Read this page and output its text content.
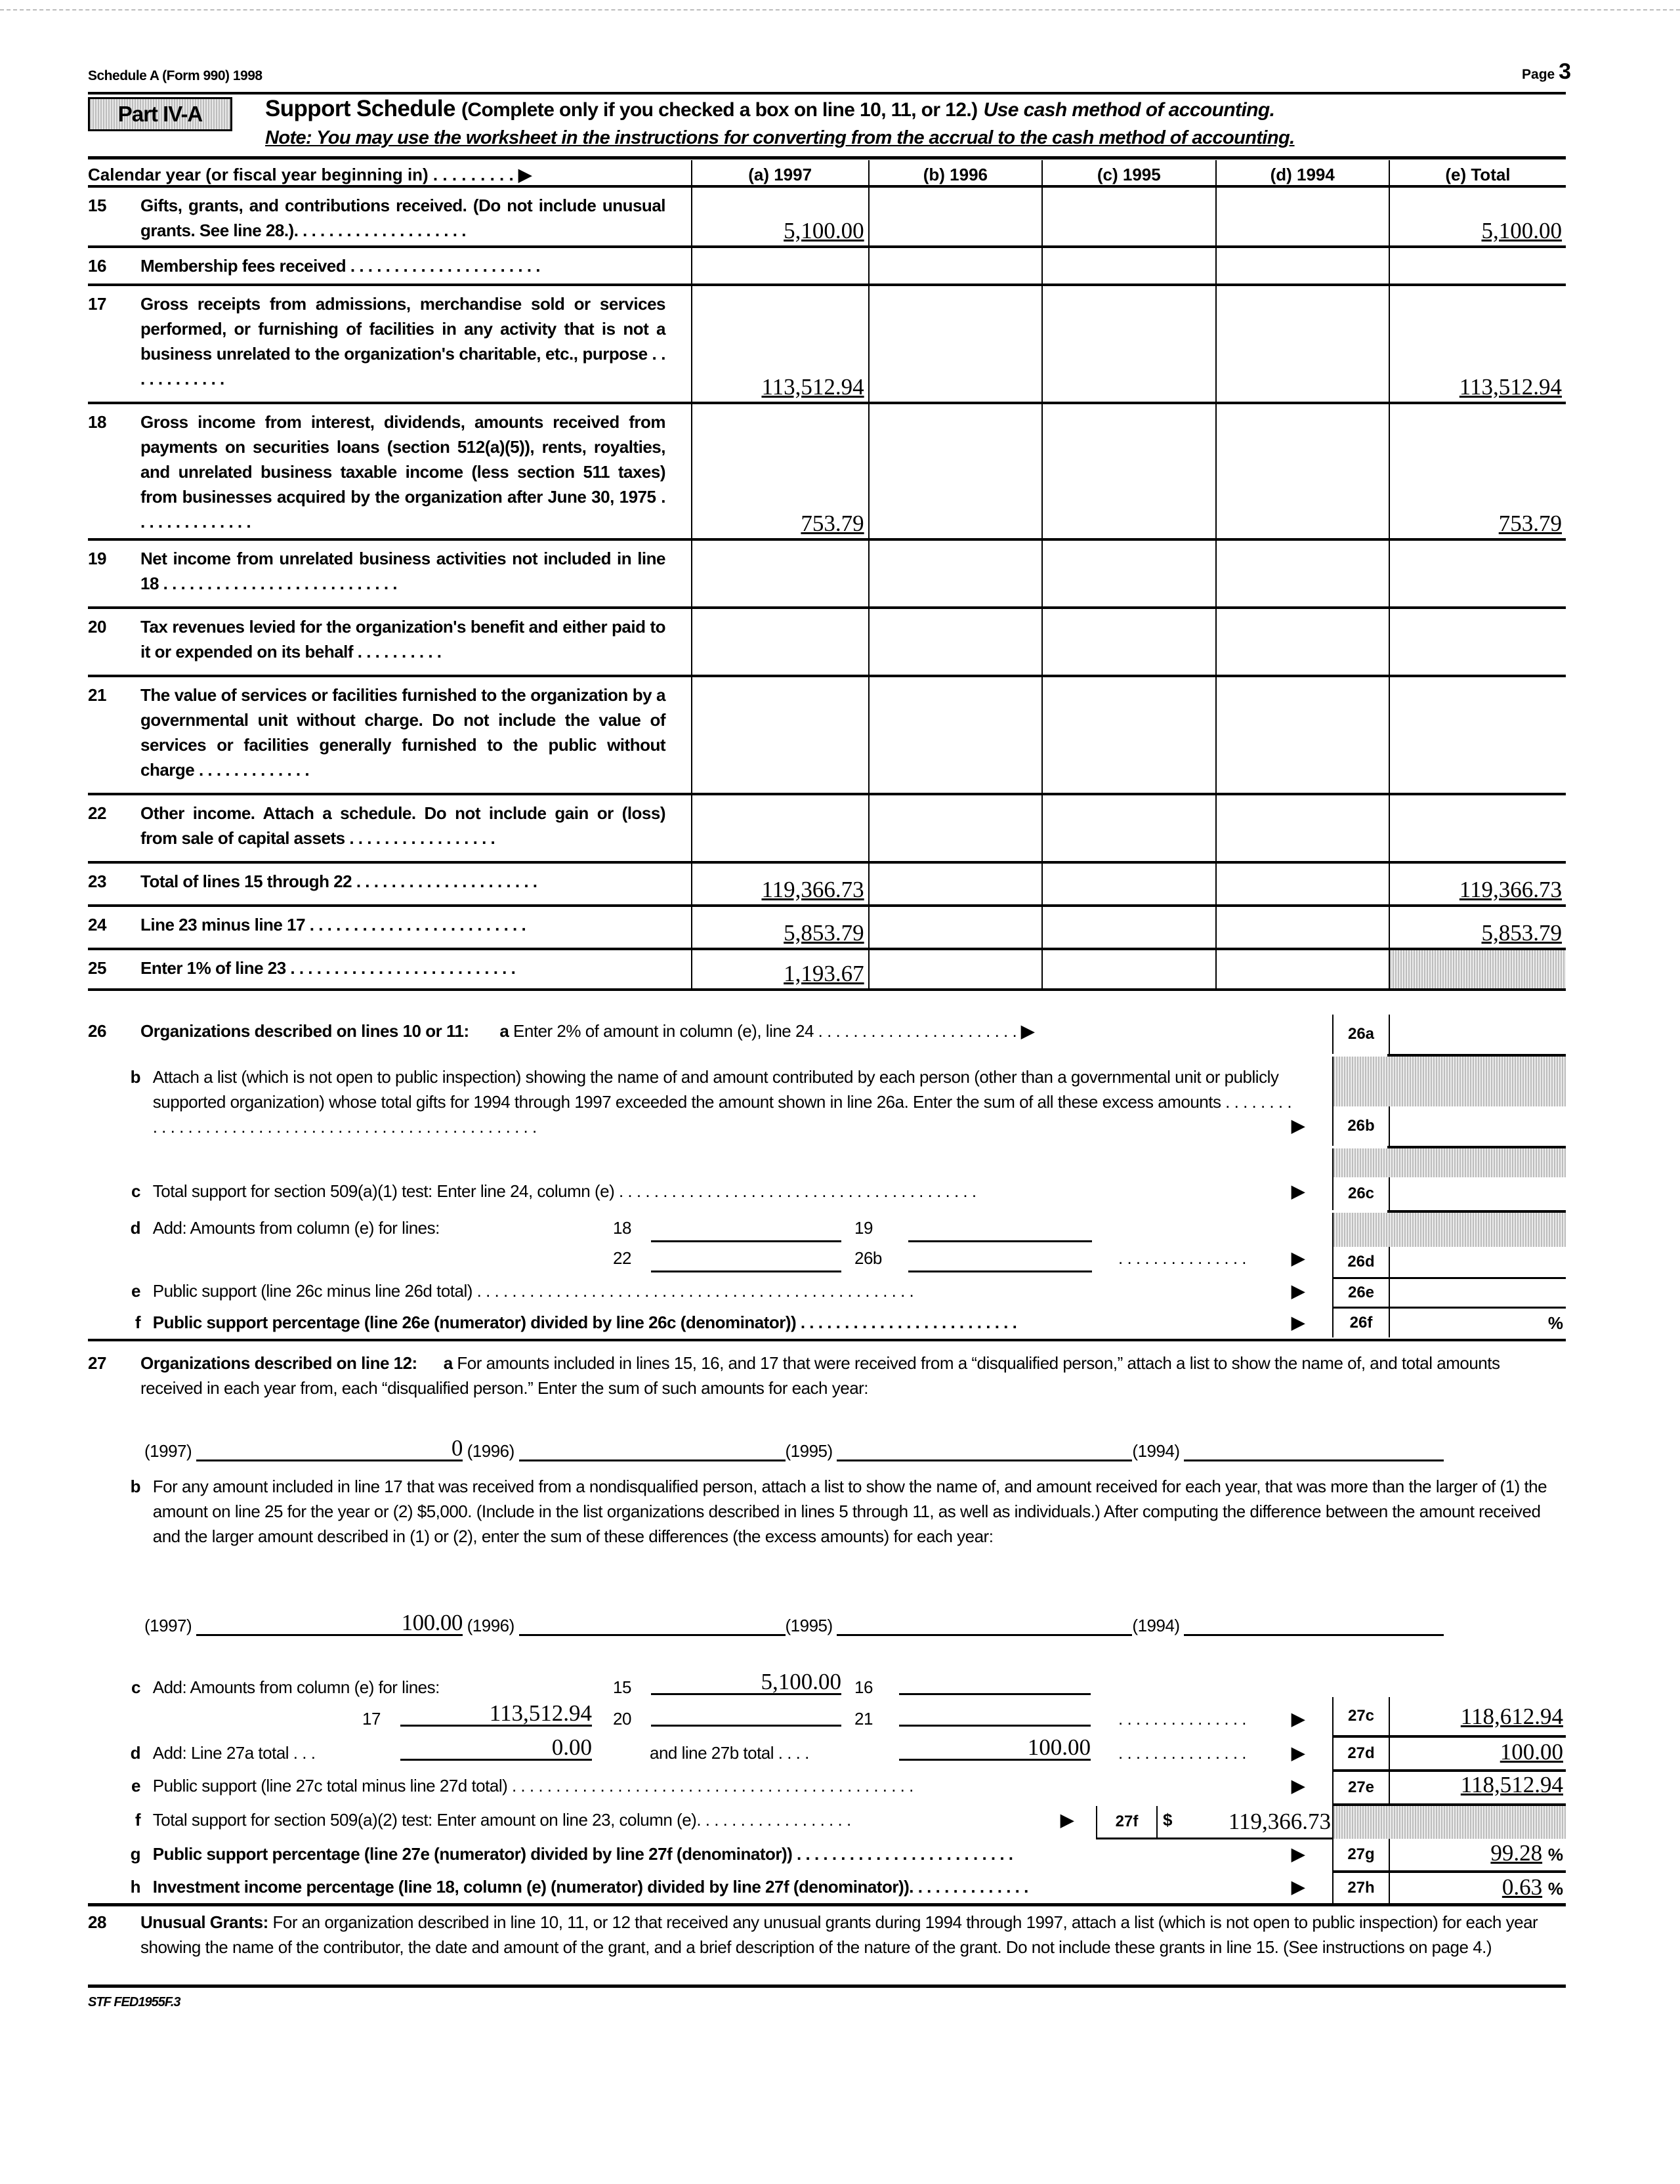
Schedule A (Form 990) 1998	Page 3
Part IV-A	Support Schedule (Complete only if you checked a box on line 10, 11, or 12.) Use cash method of accounting.
Note: You may use the worksheet in the instructions for converting from the accrual to the cash method of accounting.
Calendar year (or fiscal year beginning in) . . . . . . . . . ▶	(a) 1997	(b) 1996	(c) 1995	(d) 1994	(e) Total
15 Gifts, grants, and contributions received. (Do not include unusual grants. See line 28.). . . . . . . . . . . . . . . . . . . .	5,100.00				5,100.00
16 Membership fees received . . . . . . . . . . . . . . . . . . . . . .					
17 Gross receipts from admissions, merchandise sold or services performed, or furnishing of facilities in any activity that is not a business unrelated to the organization's charitable, etc., purpose . . . . . . . . . . . .	113,512.94				113,512.94
18 Gross income from interest, dividends, amounts received from payments on securities loans (section 512(a)(5)), rents, royalties, and unrelated business taxable income (less section 511 taxes) from businesses acquired by the organization after June 30, 1975 . . . . . . . . . . . . . .	753.79				753.79
19 Net income from unrelated business activities not included in line 18 . . . . . . . . . . . . . . . . . . . . . . . . . . .					
20 Tax revenues levied for the organization's benefit and either paid to it or expended on its behalf . . . . . . . . . .					
21 The value of services or facilities furnished to the organization by a governmental unit without charge. Do not include the value of services or facilities generally furnished to the public without charge . . . . . . . . . . . . .					
22 Other income. Attach a schedule. Do not include gain or (loss) from sale of capital assets . . . . . . . . . . . . . . . . .					
23 Total of lines 15 through 22 . . . . . . . . . . . . . . . . . . . . .	119,366.73				119,366.73
24 Line 23 minus line 17 . . . . . . . . . . . . . . . . . . . . . . . . .	5,853.79				5,853.79
25 Enter 1% of line 23 . . . . . . . . . . . . . . . . . . . . . . . . . .	1,193.67				
26 Organizations described on lines 10 or 11: a Enter 2% of amount in column (e), line 24 . . . . . . . . . . . . . . . . . . . . . . . ▶	26a
b Attach a list (which is not open to public inspection) showing the name of and amount contributed by each person (other than a governmental unit or publicly supported organization) whose total gifts for 1994 through 1997 exceeded the amount shown in line 26a. Enter the sum of all these excess amounts . . . . . . . . . . . . . . . . . . . . . . . . . . . . . . . . . . . . . . . . . . . . . . . . . . . .	▶	26b
c Total support for section 509(a)(1) test: Enter line 24, column (e) . . . . . . . . . . . . . . . . . . . . . . . . . . . . . . . . . . . . . . . . .	▶	26c
d Add: Amounts from column (e) for lines:	18	19
22	26b	. . . . . . . . . . . . . . .	▶	26d
e Public support (line 26c minus line 26d total) . . . . . . . . . . . . . . . . . . . . . . . . . . . . . . . . . . . . . . . . . . . . . . . . . .	▶	26e
f Public support percentage (line 26e (numerator) divided by line 26c (denominator)) . . . . . . . . . . . . . . . . . . . . . . . . .	▶	26f	%
27 Organizations described on line 12: a For amounts included in lines 15, 16, and 17 that were received from a “disqualified person,” attach a list to show the name of, and total amounts received in each year from, each “disqualified person.” Enter the sum of such amounts for each year:
(1997)	0 (1996)	(1995)	(1994)
b For any amount included in line 17 that was received from a nondisqualified person, attach a list to show the name of, and amount received for each year, that was more than the larger of (1) the amount on line 25 for the year or (2) $5,000. (Include in the list organizations described in lines 5 through 11, as well as individuals.) After computing the difference between the amount received and the larger amount described in (1) or (2), enter the sum of these differences (the excess amounts) for each year:
(1997)	100.00 (1996)	(1995)	(1994)
c Add: Amounts from column (e) for lines:	15	5,100.00 16
17	113,512.94 20	21	. . . . . . . . . . . . . . .	▶	27c	118,612.94
d Add: Line 27a total . . .	0.00	and line 27b total . . . .	100.00 . . . . . . . . . . . . . . .	▶	27d	100.00
e Public support (line 27c total minus line 27d total) . . . . . . . . . . . . . . . . . . . . . . . . . . . . . . . . . . . . . . . . . . . . . .	▶	27e	118,512.94
f Total support for section 509(a)(2) test: Enter amount on line 23, column (e). . . . . . . . . . . . . . . . . .	▶	27f	$ 119,366.73
g Public support percentage (line 27e (numerator) divided by line 27f (denominator)) . . . . . . . . . . . . . . . . . . . . . . . . .	▶	27g	99.28 %
h Investment income percentage (line 18, column (e) (numerator) divided by line 27f (denominator)). . . . . . . . . . . . . .	▶	27h	0.63 %
28 Unusual Grants: For an organization described in line 10, 11, or 12 that received any unusual grants during 1994 through 1997, attach a list (which is not open to public inspection) for each year showing the name of the contributor, the date and amount of the grant, and a brief description of the nature of the grant. Do not include these grants in line 15. (See instructions on page 4.)
STF FED1955F.3
